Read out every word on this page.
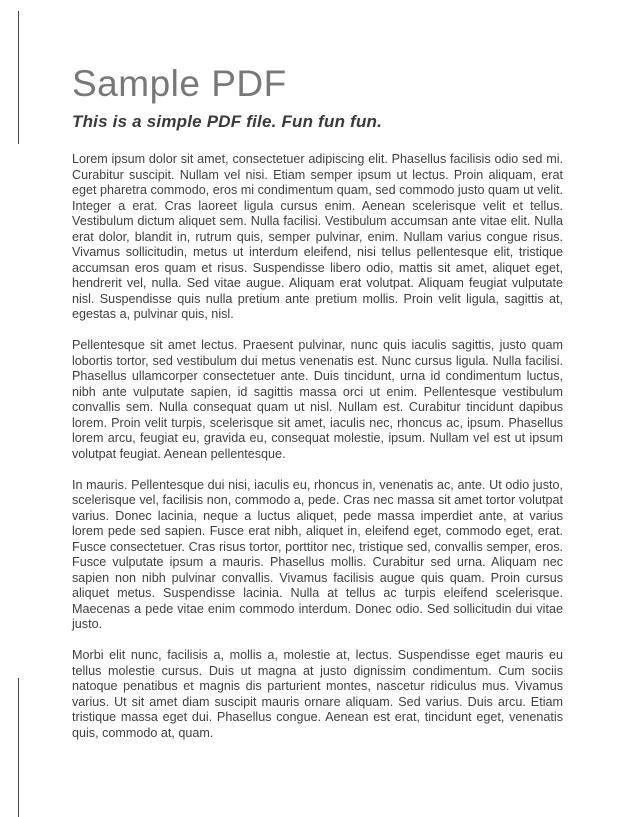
Sample PDF
This is a simple PDF file. Fun fun fun.

Lorem ipsum dolor sit amet, consectetuer adipiscing elit. Phasellus facilisis odio sed mi. Curabitur suscipit. Nullam vel nisi. Etiam semper ipsum ut lectus. Proin aliquam, erat eget pharetra commodo, eros mi condimentum quam, sed commodo justo quam ut velit. Integer a erat. Cras laoreet ligula cursus enim. Aenean scelerisque velit et tellus. Vestibulum dictum aliquet sem. Nulla facilisi. Vestibulum accumsan ante vitae elit. Nulla erat dolor, blandit in, rutrum quis, semper pulvinar, enim. Nullam varius congue risus. Vivamus sollicitudin, metus ut interdum eleifend, nisi tellus pellentesque elit, tristique accumsan eros quam et risus. Suspendisse libero odio, mattis sit amet, aliquet eget, hendrerit vel, nulla. Sed vitae augue. Aliquam erat volutpat. Aliquam feugiat vulputate nisl. Suspendisse quis nulla pretium ante pretium mollis. Proin velit ligula, sagittis at, egestas a, pulvinar quis, nisl.

Pellentesque sit amet lectus. Praesent pulvinar, nunc quis iaculis sagittis, justo quam lobortis tortor, sed vestibulum dui metus venenatis est. Nunc cursus ligula. Nulla facilisi. Phasellus ullamcorper consectetuer ante. Duis tincidunt, urna id condimentum luctus, nibh ante vulputate sapien, id sagittis massa orci ut enim. Pellentesque vestibulum convallis sem. Nulla consequat quam ut nisl. Nullam est. Curabitur tincidunt dapibus lorem. Proin velit turpis, scelerisque sit amet, iaculis nec, rhoncus ac, ipsum. Phasellus lorem arcu, feugiat eu, gravida eu, consequat molestie, ipsum. Nullam vel est ut ipsum volutpat feugiat. Aenean pellentesque.

In mauris. Pellentesque dui nisi, iaculis eu, rhoncus in, venenatis ac, ante. Ut odio justo, scelerisque vel, facilisis non, commodo a, pede. Cras nec massa sit amet tortor volutpat varius. Donec lacinia, neque a luctus aliquet, pede massa imperdiet ante, at varius lorem pede sed sapien. Fusce erat nibh, aliquet in, eleifend eget, commodo eget, erat. Fusce consectetuer. Cras risus tortor, porttitor nec, tristique sed, convallis semper, eros. Fusce vulputate ipsum a mauris. Phasellus mollis. Curabitur sed urna. Aliquam nec sapien non nibh pulvinar convallis. Vivamus facilisis augue quis quam. Proin cursus aliquet metus. Suspendisse lacinia. Nulla at tellus ac turpis eleifend scelerisque. Maecenas a pede vitae enim commodo interdum. Donec odio. Sed sollicitudin dui vitae justo.

Morbi elit nunc, facilisis a, mollis a, molestie at, lectus. Suspendisse eget mauris eu tellus molestie cursus. Duis ut magna at justo dignissim condimentum. Cum sociis natoque penatibus et magnis dis parturient montes, nascetur ridiculus mus. Vivamus varius. Ut sit amet diam suscipit mauris ornare aliquam. Sed varius. Duis arcu. Etiam tristique massa eget dui. Phasellus congue. Aenean est erat, tincidunt eget, venenatis quis, commodo at, quam.
